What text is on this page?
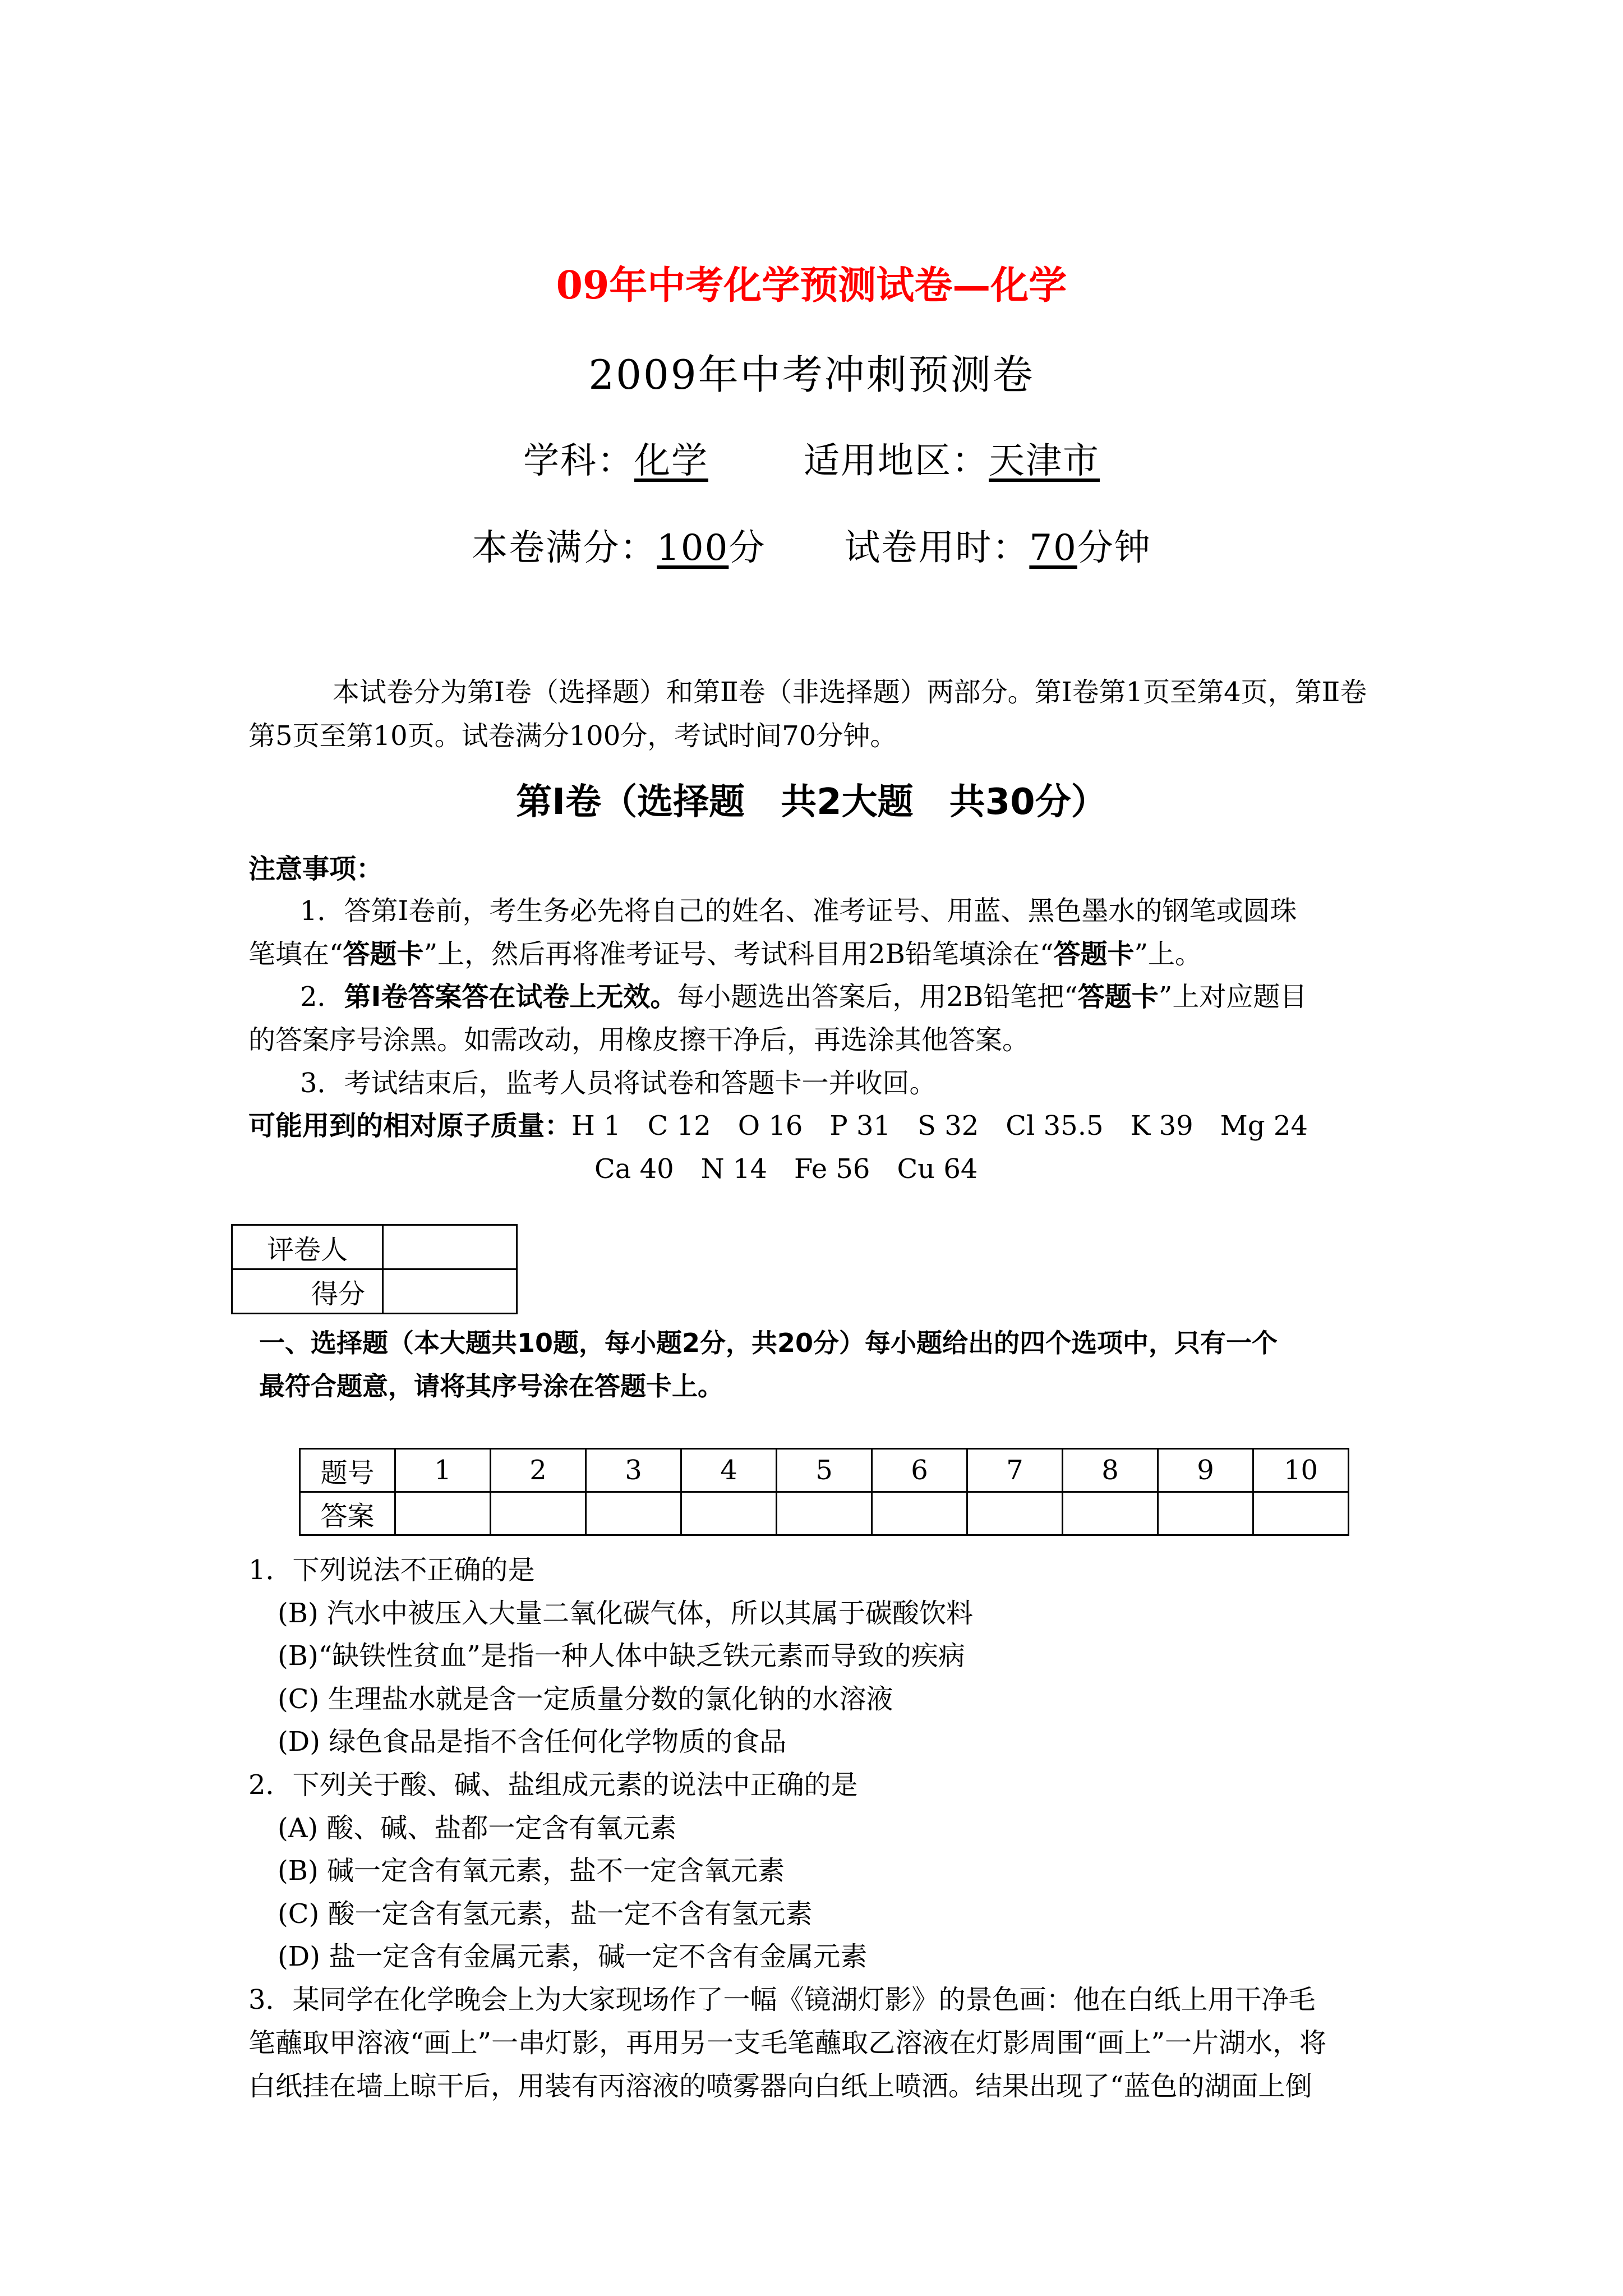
09年中考化学预测试卷—化学
2009年中考冲刺预测卷
学科：化学	适用地区：天津市
本卷满分：100分 试卷用时：70分钟
本试卷分为第Ⅰ卷（选择题）和第Ⅱ卷（非选择题）两部分。第Ⅰ卷第1页至第4页，第Ⅱ卷第5页至第10页。试卷满分100分，考试时间70分钟。
第Ⅰ卷（选择题　共2大题　共30分）
注意事项：
1．答第Ⅰ卷前，考生务必先将自己的姓名、准考证号、用蓝、黑色墨水的钢笔或圆珠
笔填在“答题卡”上，然后再将准考证号、考试科目用2B铅笔填涂在“答题卡”上。
2．第Ⅰ卷答案答在试卷上无效。每小题选出答案后，用2B铅笔把“答题卡”上对应题目
的答案序号涂黑。如需改动，用橡皮擦干净后，再选涂其他答案。
3．考试结束后，监考人员将试卷和答题卡一并收回。
可能用到的相对原子质量：H 1　C 12　O 16　P 31　S 32　Cl 35.5　K 39　Mg 24
Ca 40　N 14　Fe 56　Cu 64
评卷人	
得分	
一、选择题（本大题共10题，每小题2分，共20分）每小题给出的四个选项中，只有一个
最符合题意，请将其序号涂在答题卡上。
题号	1	2	3	4	5	6	7	8	9	10
答案										
1．下列说法不正确的是
(B) 汽水中被压入大量二氧化碳气体，所以其属于碳酸饮料
(B)“缺铁性贫血”是指一种人体中缺乏铁元素而导致的疾病
(C) 生理盐水就是含一定质量分数的氯化钠的水溶液
(D) 绿色食品是指不含任何化学物质的食品
2．下列关于酸、碱、盐组成元素的说法中正确的是
(A) 酸、碱、盐都一定含有氧元素
(B) 碱一定含有氧元素，盐不一定含氧元素
(C) 酸一定含有氢元素，盐一定不含有氢元素
(D) 盐一定含有金属元素，碱一定不含有金属元素
3．某同学在化学晚会上为大家现场作了一幅《镜湖灯影》的景色画：他在白纸上用干净毛
笔蘸取甲溶液“画上”一串灯影，再用另一支毛笔蘸取乙溶液在灯影周围“画上”一片湖水，将
白纸挂在墙上晾干后，用装有丙溶液的喷雾器向白纸上喷洒。结果出现了“蓝色的湖面上倒
